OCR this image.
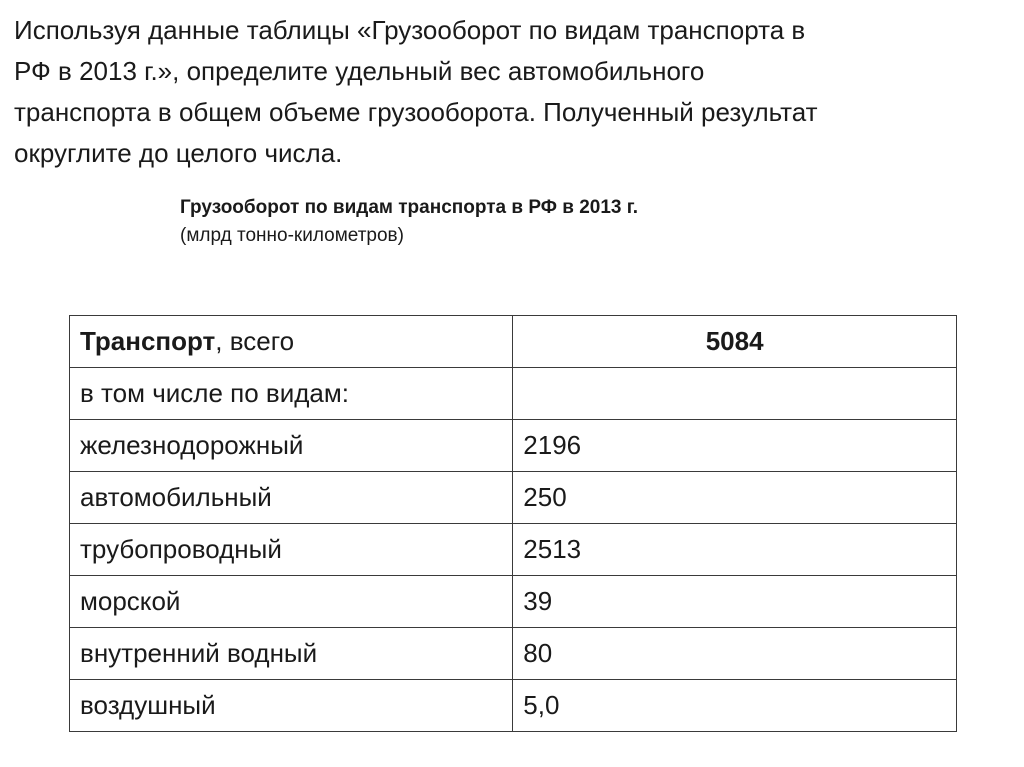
Используя данные таблицы «Грузооборот по видам транспорта в
РФ в 2013 г.», определите удельный вес автомобильного
транспорта в общем объеме грузооборота. Полученный результат
округлите до целого числа.
Грузооборот по видам транспорта в РФ в 2013 г.
(млрд тонно-километров)
Транспорт, всего	5084
в том числе по видам:	
железнодорожный	2196
автомобильный	250
трубопроводный	2513
морской	39
внутренний водный	80
воздушный	5,0
